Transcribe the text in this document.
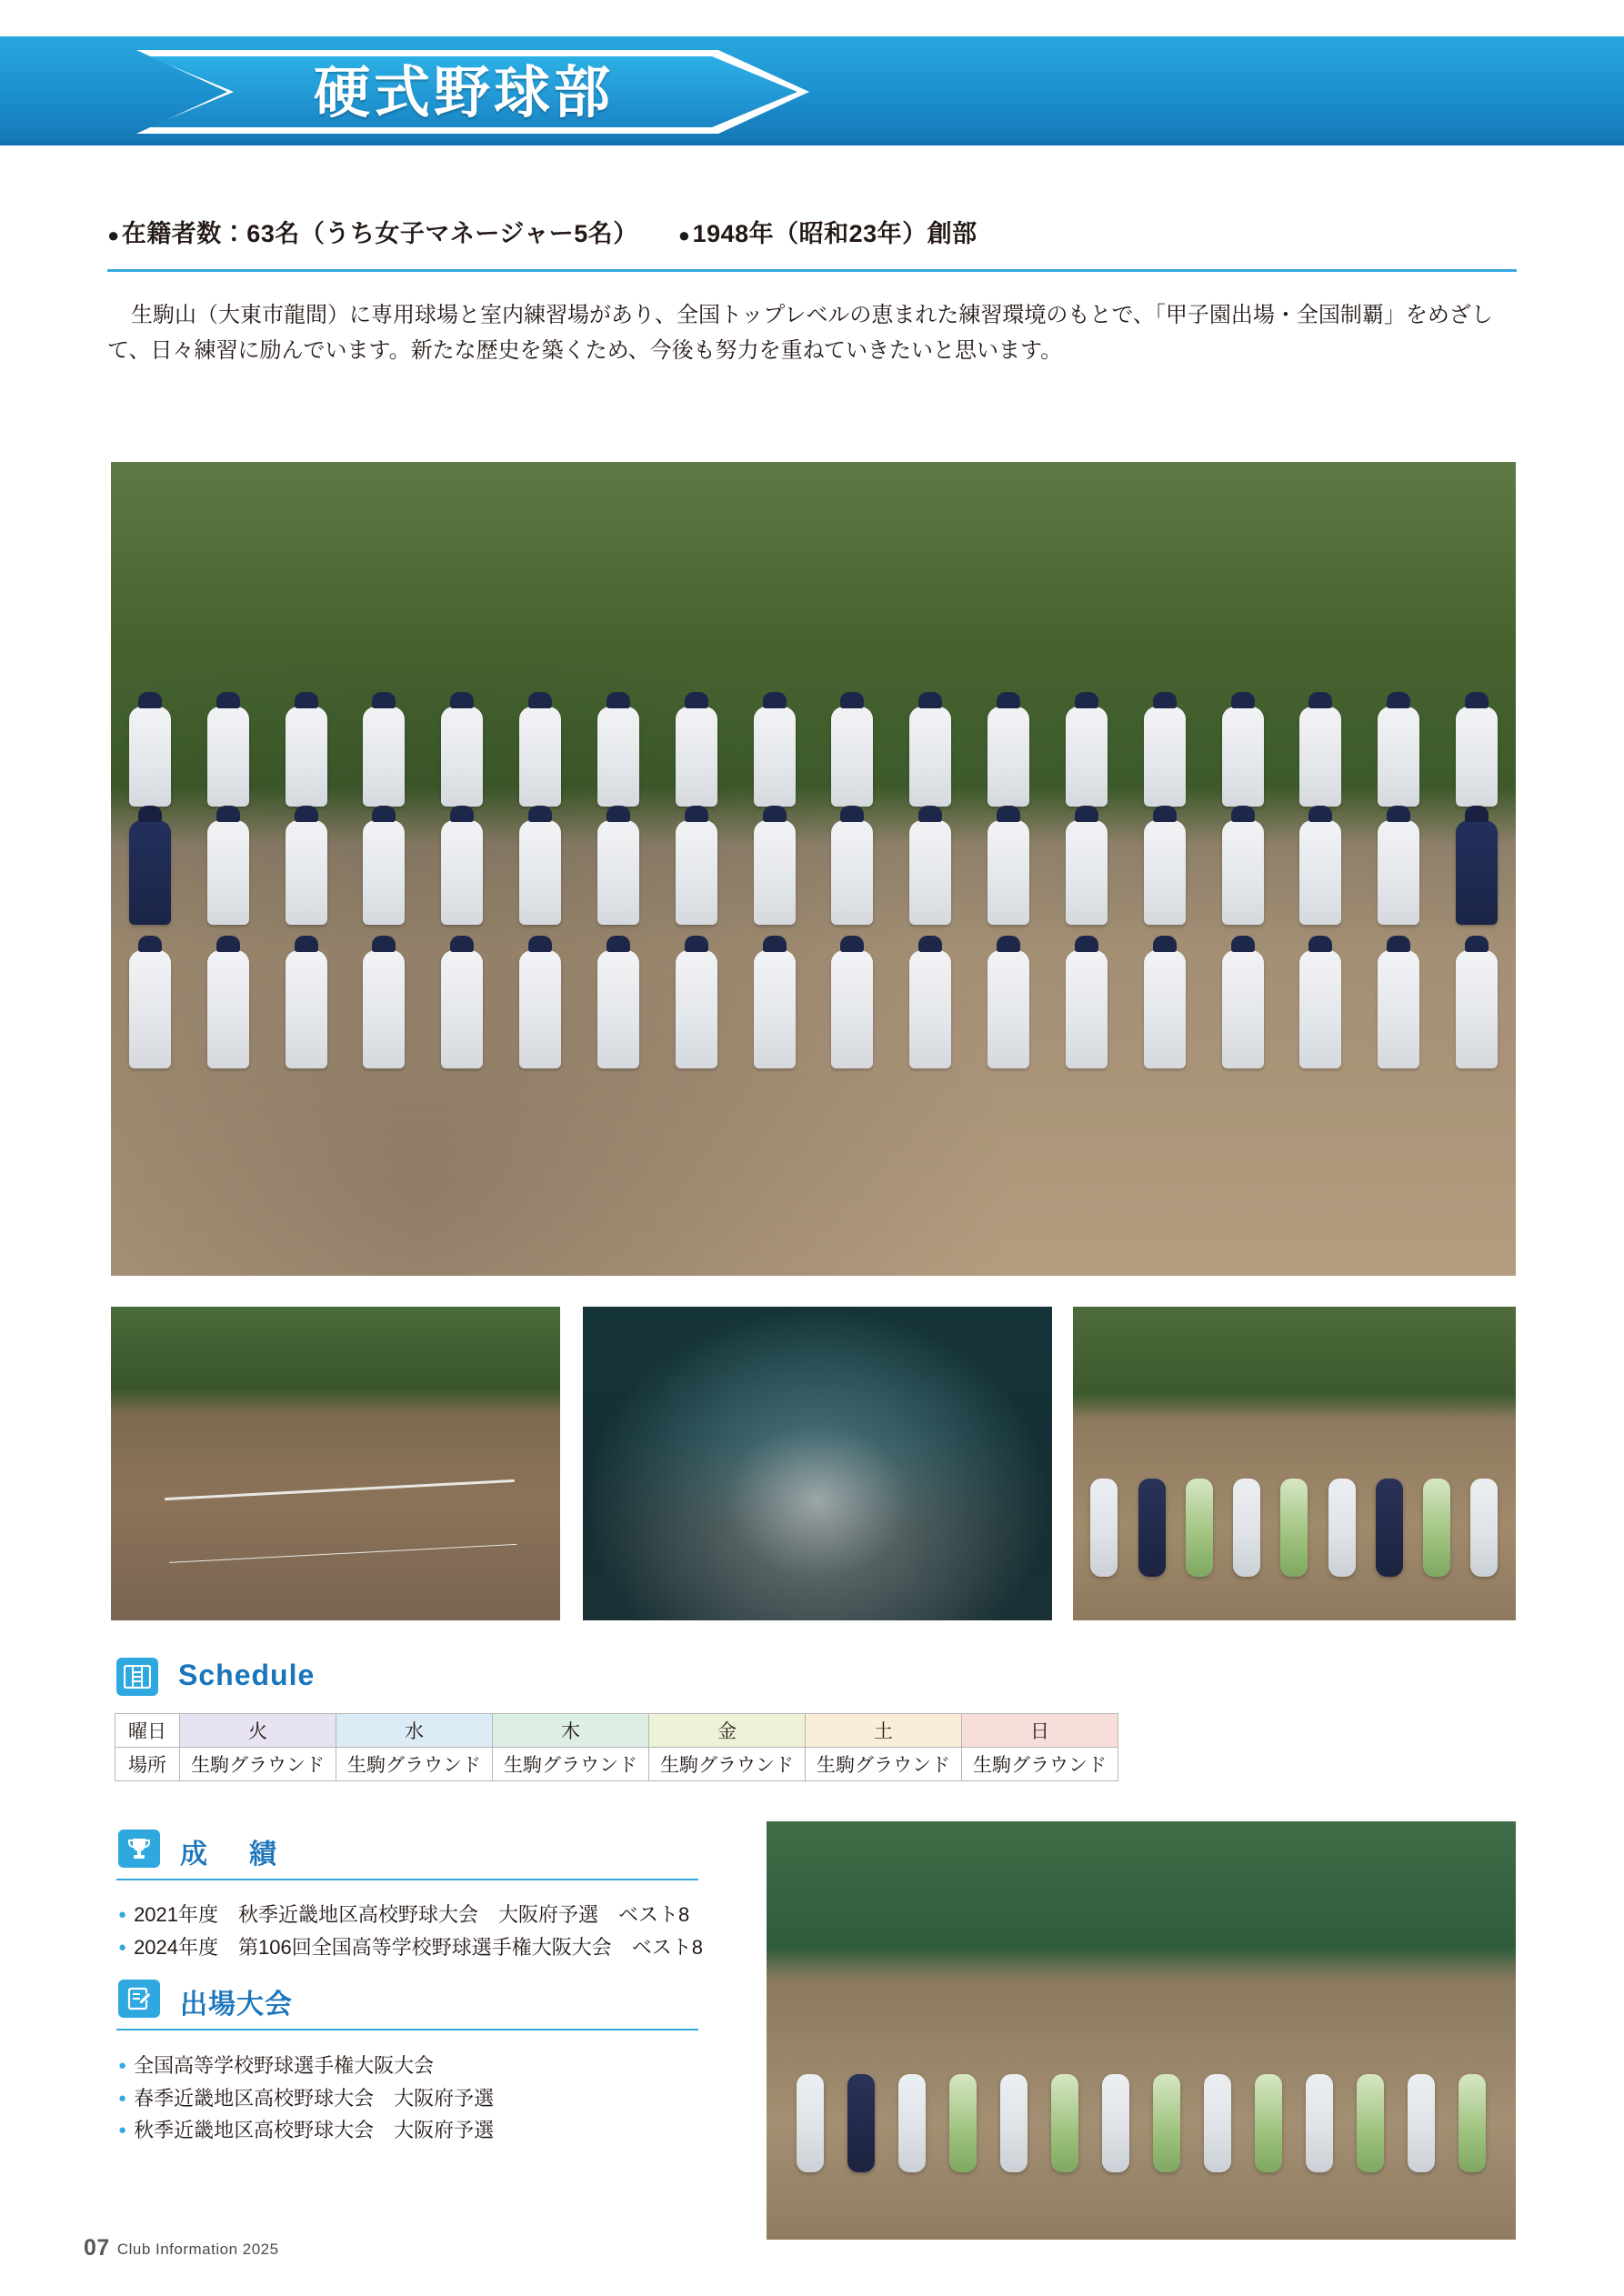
硬式野球部
●在籍者数：63名（うち女子マネージャー5名） ●1948年（昭和23年）創部
生駒山（大東市龍間）に専用球場と室内練習場があり、全国トップレベルの恵まれた練習環境のもとで、「甲子園出場・全国制覇」をめざして、日々練習に励んでいます。新たな歴史を築くため、今後も努力を重ねていきたいと思います。
Schedule
曜日	火	水	木	金	土	日
場所	生駒グラウンド	生駒グラウンド	生駒グラウンド	生駒グラウンド	生駒グラウンド	生駒グラウンド
成　績
● 2021年度　秋季近畿地区高校野球大会　大阪府予選　ベスト8
● 2024年度　第106回全国高等学校野球選手権大阪大会　ベスト8
出場大会
● 全国高等学校野球選手権大阪大会
● 春季近畿地区高校野球大会　大阪府予選
● 秋季近畿地区高校野球大会　大阪府予選
07 Club Information 2025
